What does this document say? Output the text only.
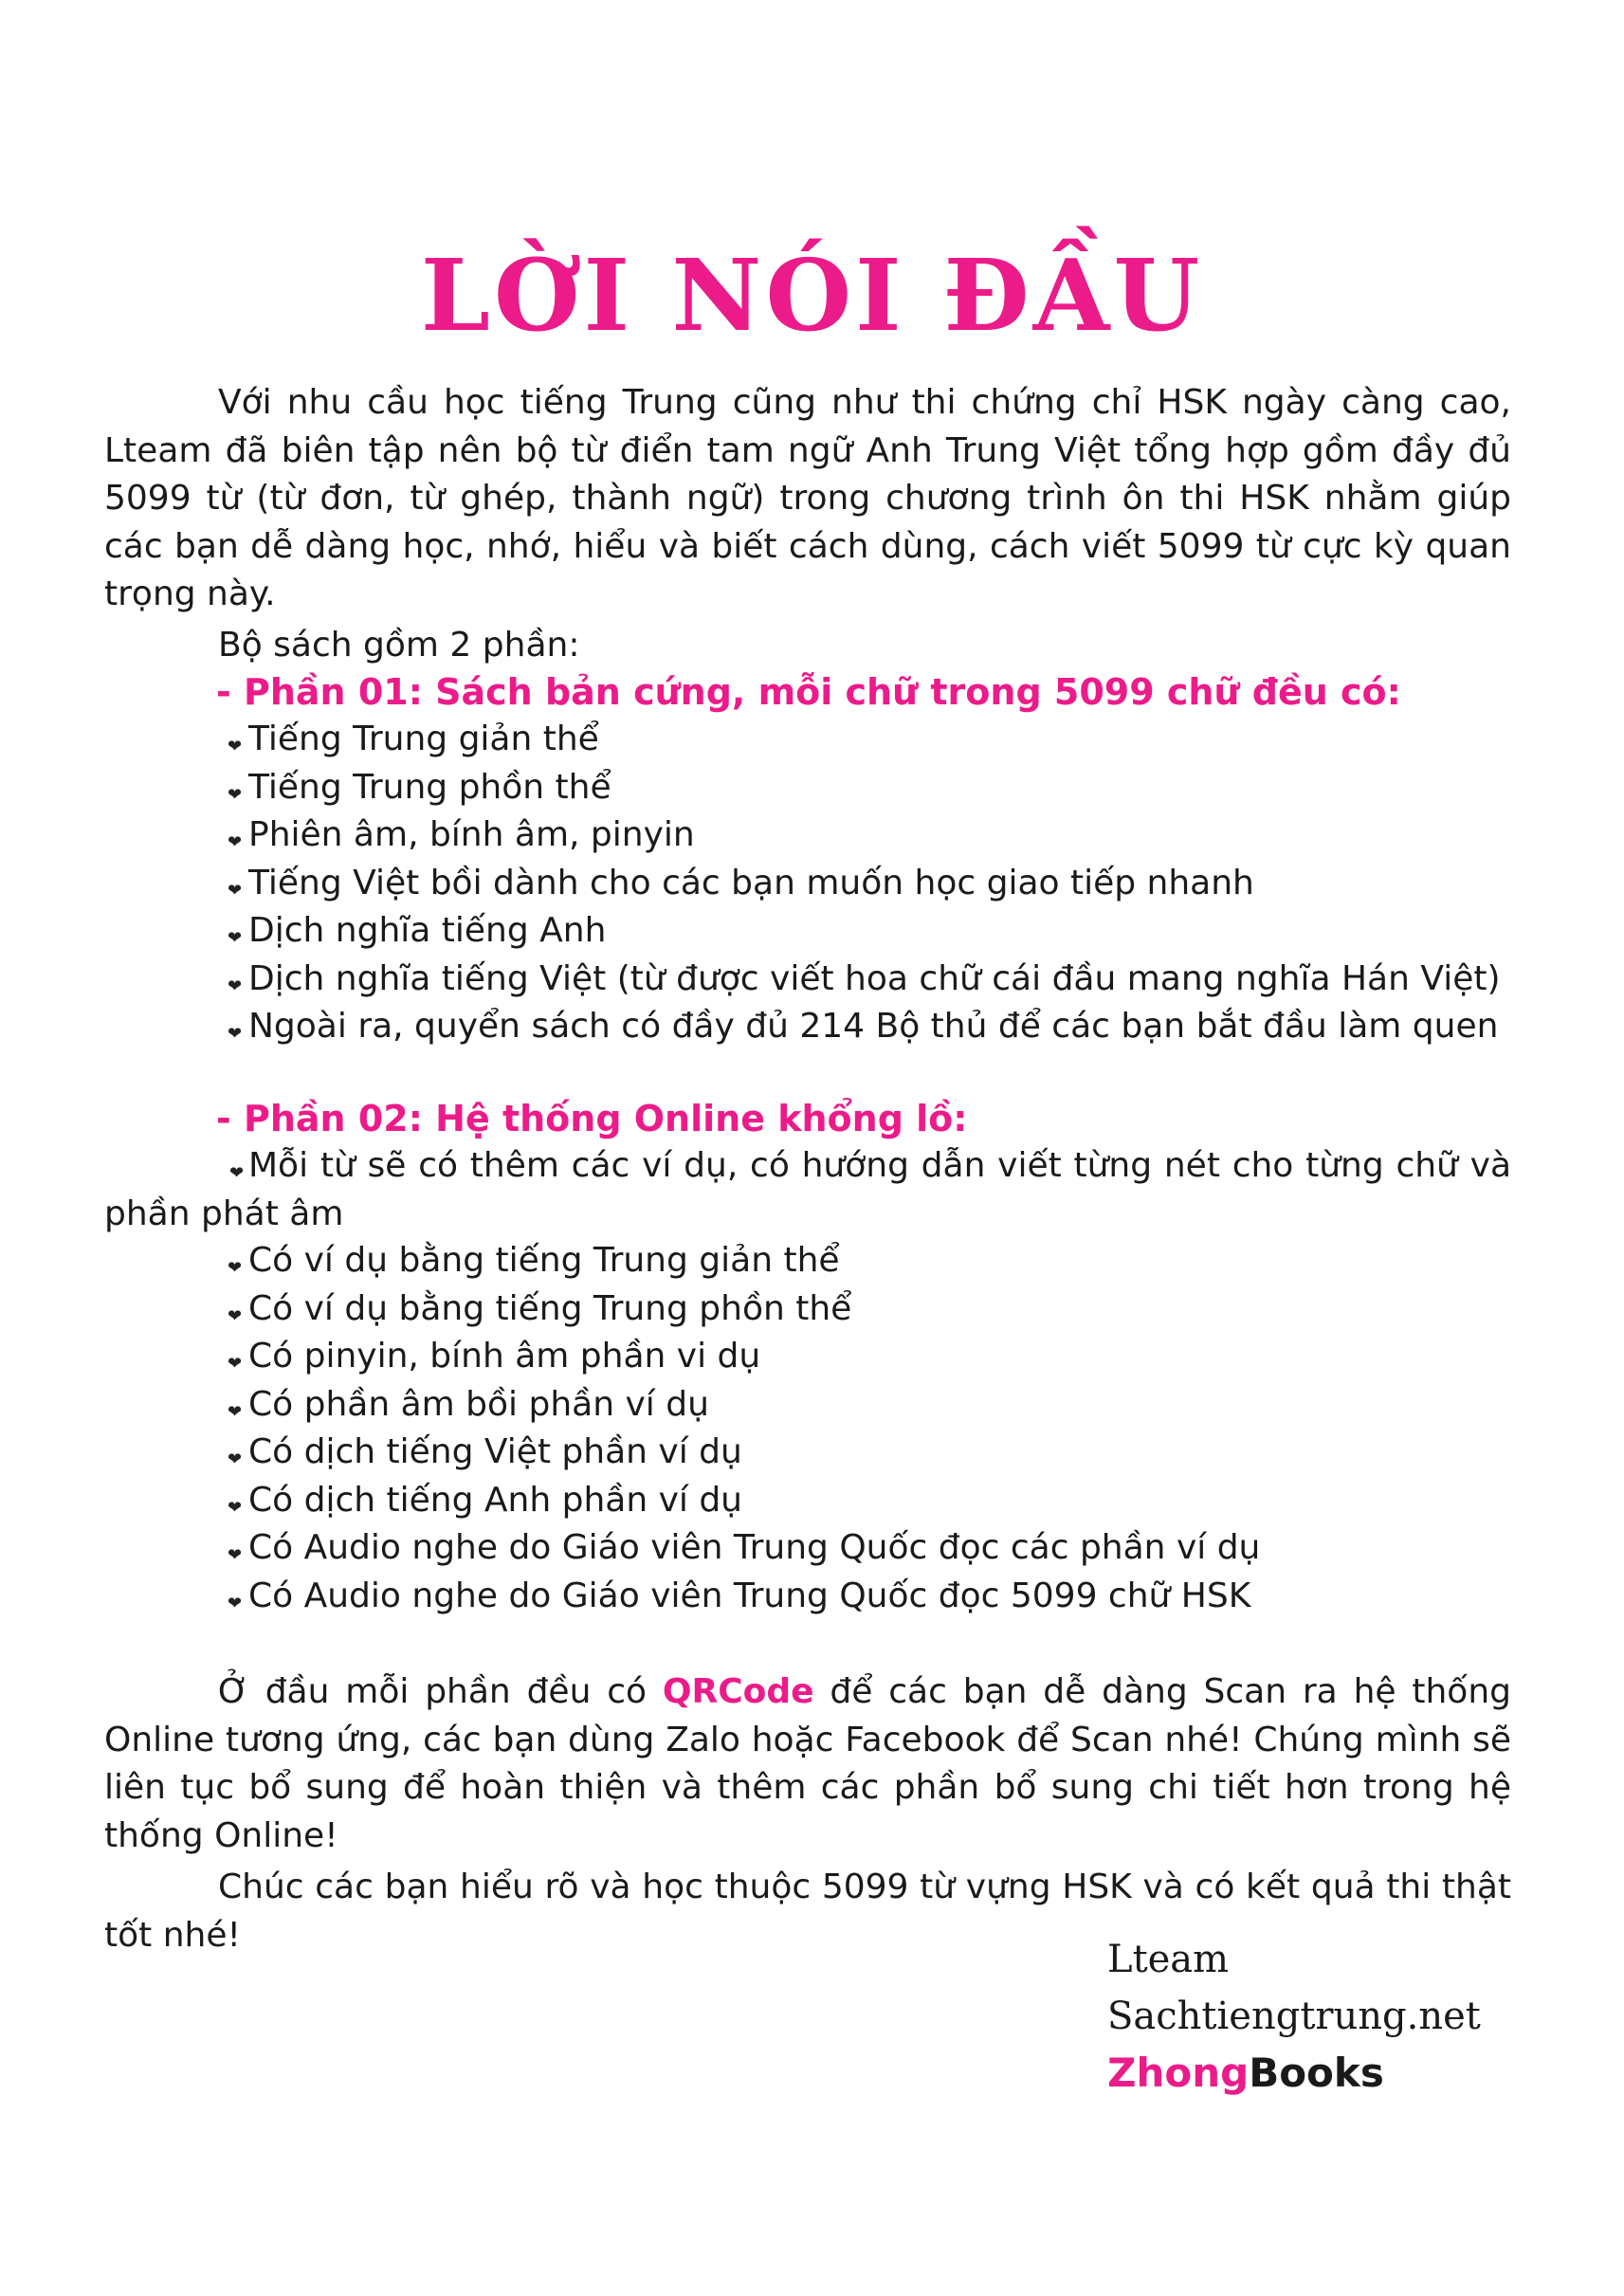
LỜI NÓI ĐẦU

Với nhu cầu học tiếng Trung cũng như thi chứng chỉ HSK ngày càng cao, Lteam đã biên tập nên bộ từ điển tam ngữ Anh Trung Việt tổng hợp gồm đầy đủ 5099 từ (từ đơn, từ ghép, thành ngữ) trong chương trình ôn thi HSK nhằm giúp các bạn dễ dàng học, nhớ, hiểu và biết cách dùng, cách viết 5099 từ cực kỳ quan trọng này.

Bộ sách gồm 2 phần:
- Phần 01: Sách bản cứng, mỗi chữ trong 5099 chữ đều có:
❤ Tiếng Trung giản thể
❤ Tiếng Trung phồn thể
❤ Phiên âm, bính âm, pinyin
❤ Tiếng Việt bồi dành cho các bạn muốn học giao tiếp nhanh
❤ Dịch nghĩa tiếng Anh
❤ Dịch nghĩa tiếng Việt (từ được viết hoa chữ cái đầu mang nghĩa Hán Việt)
❤ Ngoài ra, quyển sách có đầy đủ 214 Bộ thủ để các bạn bắt đầu làm quen
- Phần 02: Hệ thống Online khổng lồ:
❤ Mỗi từ sẽ có thêm các ví dụ, có hướng dẫn viết từng nét cho từng chữ và phần phát âm
❤ Có ví dụ bằng tiếng Trung giản thể
❤ Có ví dụ bằng tiếng Trung phồn thể
❤ Có pinyin, bính âm phần vi dụ
❤ Có phần âm bồi phần ví dụ
❤ Có dịch tiếng Việt phần ví dụ
❤ Có dịch tiếng Anh phần ví dụ
❤ Có Audio nghe do Giáo viên Trung Quốc đọc các phần ví dụ
❤ Có Audio nghe do Giáo viên Trung Quốc đọc 5099 chữ HSK

Ở đầu mỗi phần đều có QRCode để các bạn dễ dàng Scan ra hệ thống Online tương ứng, các bạn dùng Zalo hoặc Facebook để Scan nhé! Chúng mình sẽ liên tục bổ sung để hoàn thiện và thêm các phần bổ sung chi tiết hơn trong hệ thống Online!

Chúc các bạn hiểu rõ và học thuộc 5099 từ vựng HSK và có kết quả thi thật tốt nhé!

Lteam
Sachtiengtrung.net
ZhongBooks
